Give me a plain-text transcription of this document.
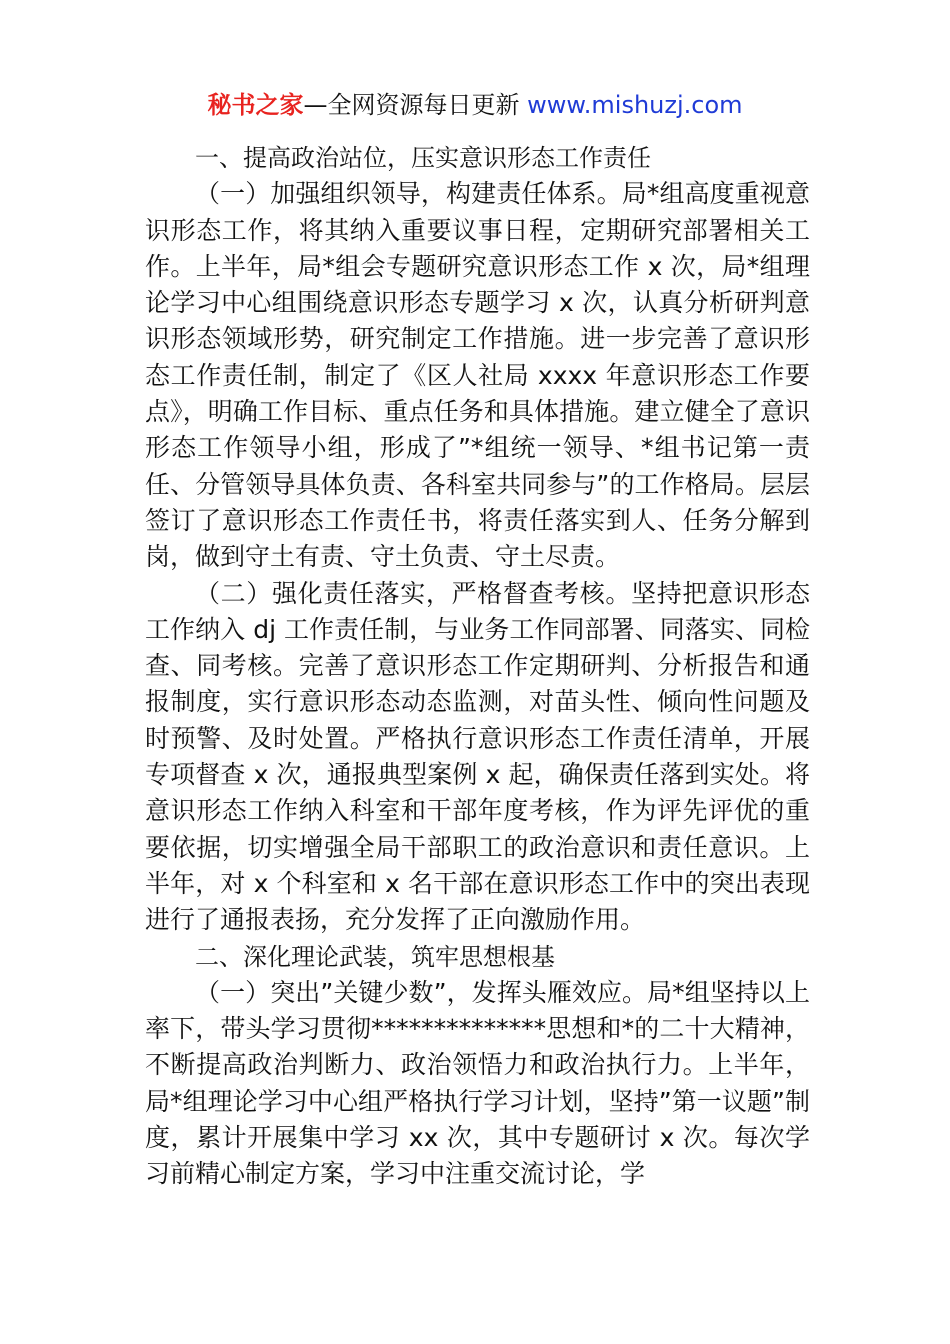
秘书之家—全网资源每日更新 www.mishuzj.com

一、提高政治站位，压实意识形态工作责任

（一）加强组织领导，构建责任体系。局*组高度重视意识形态工作，将其纳入重要议事日程，定期研究部署相关工作。上半年，局*组会专题研究意识形态工作 x 次，局*组理论学习中心组围绕意识形态专题学习 x 次，认真分析研判意识形态领域形势，研究制定工作措施。进一步完善了意识形态工作责任制，制定了《区人社局 xxxx 年意识形态工作要点》，明确工作目标、重点任务和具体措施。建立健全了意识形态工作领导小组，形成了”*组统一领导、*组书记第一责任、分管领导具体负责、各科室共同参与”的工作格局。层层签订了意识形态工作责任书，将责任落实到人、任务分解到岗，做到守土有责、守土负责、守土尽责。

（二）强化责任落实，严格督查考核。坚持把意识形态工作纳入 dj 工作责任制，与业务工作同部署、同落实、同检查、同考核。完善了意识形态工作定期研判、分析报告和通报制度，实行意识形态动态监测，对苗头性、倾向性问题及时预警、及时处置。严格执行意识形态工作责任清单，开展专项督查 x 次，通报典型案例 x 起，确保责任落到实处。将意识形态工作纳入科室和干部年度考核，作为评先评优的重要依据，切实增强全局干部职工的政治意识和责任意识。上半年，对 x 个科室和 x 名干部在意识形态工作中的突出表现进行了通报表扬，充分发挥了正向激励作用。

二、深化理论武装，筑牢思想根基

（一）突出”关键少数”，发挥头雁效应。局*组坚持以上率下，带头学习贯彻**************思想和*的二十大精神，不断提高政治判断力、政治领悟力和政治执行力。上半年，局*组理论学习中心组严格执行学习计划，坚持”第一议题”制度，累计开展集中学习 xx 次，其中专题研讨 x 次。每次学习前精心制定方案，学习中注重交流讨论，学
